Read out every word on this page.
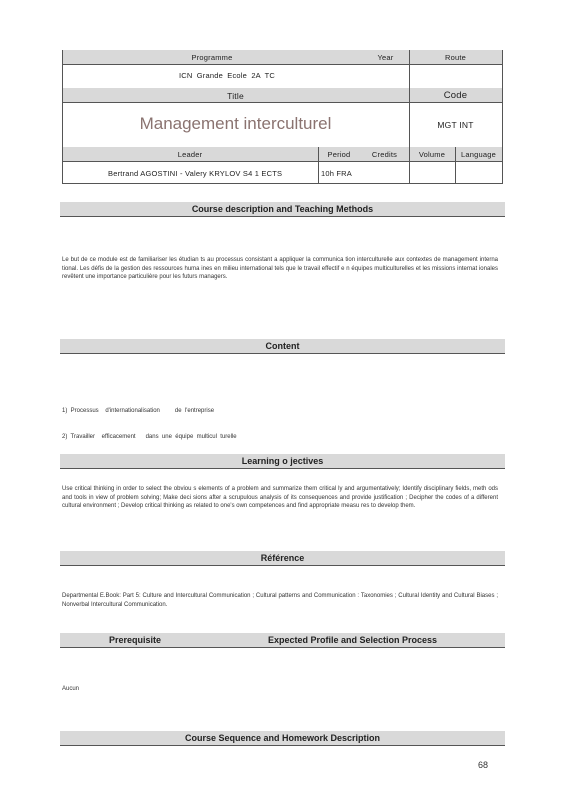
Programme	Year	Route
ICN Grande Ecole 2A TC
Title	Code
Management interculturel	MGT INT
Leader	Period	Credits	Volume	Language
Bertrand AGOSTINI - Valery KRYLOV S4 1 ECTS	10h FRA
Course description and Teaching Methods

Le but de ce module est de familiariser les étudian ts au processus consistant a appliquer la communica tion interculturelle aux contextes de management interna tional. Les défis de la gestion des ressources huma ines en milieu international tels que le travail effectif e n équipes multiculturelles et les missions internat ionales revêtent une importance particulière pour les futurs managers.

Content

1)  Processus    d'internationalisation         de  l'entreprise

2)  Travailler    efficacement      dans  une  équipe  multicul  turelle

Learning o jectives

Use critical thinking in order to select the obviou s elements of a problem and summarize them critical ly and argumentatively; Identify disciplinary fields, meth ods and tools in view of problem solving; Make deci sions after a scrupulous analysis of its consequences and provide justification ; Decipher the codes of a different cultural environment ; Develop critical thinking as related to one's own competences and find appropriate measu res to develop them.

Référence

Departmental E.Book: Part 5: Culture and Intercultural Communication ; Cultural patterns and Communication : Taxonomies ; Cultural Identity and Cultural Biases ; Nonverbal Intercultural Communication.

Prerequisite	Expected Profile and Selection Process

Aucun

Course Sequence and Homework Description
68
